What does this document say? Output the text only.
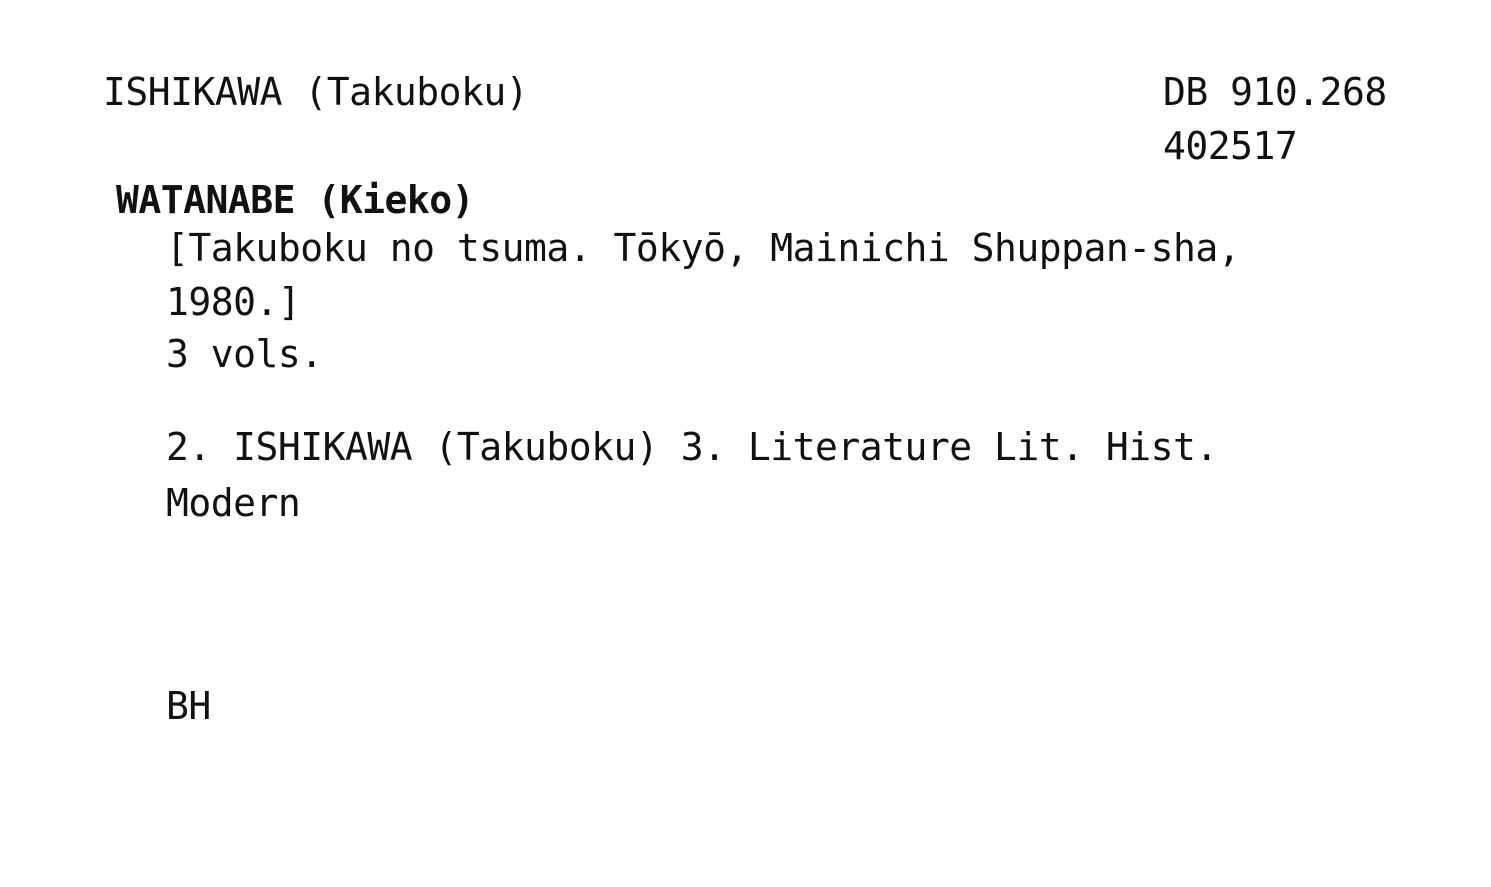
ISHIKAWA (Takuboku)	DB 910.268
402517
WATANABE (Kieko)
[Takuboku no tsuma. Tōkyō, Mainichi Shuppan-sha,
1980.]
3 vols.
2. ISHIKAWA (Takuboku) 3. Literature Lit. Hist.
Modern
BH
